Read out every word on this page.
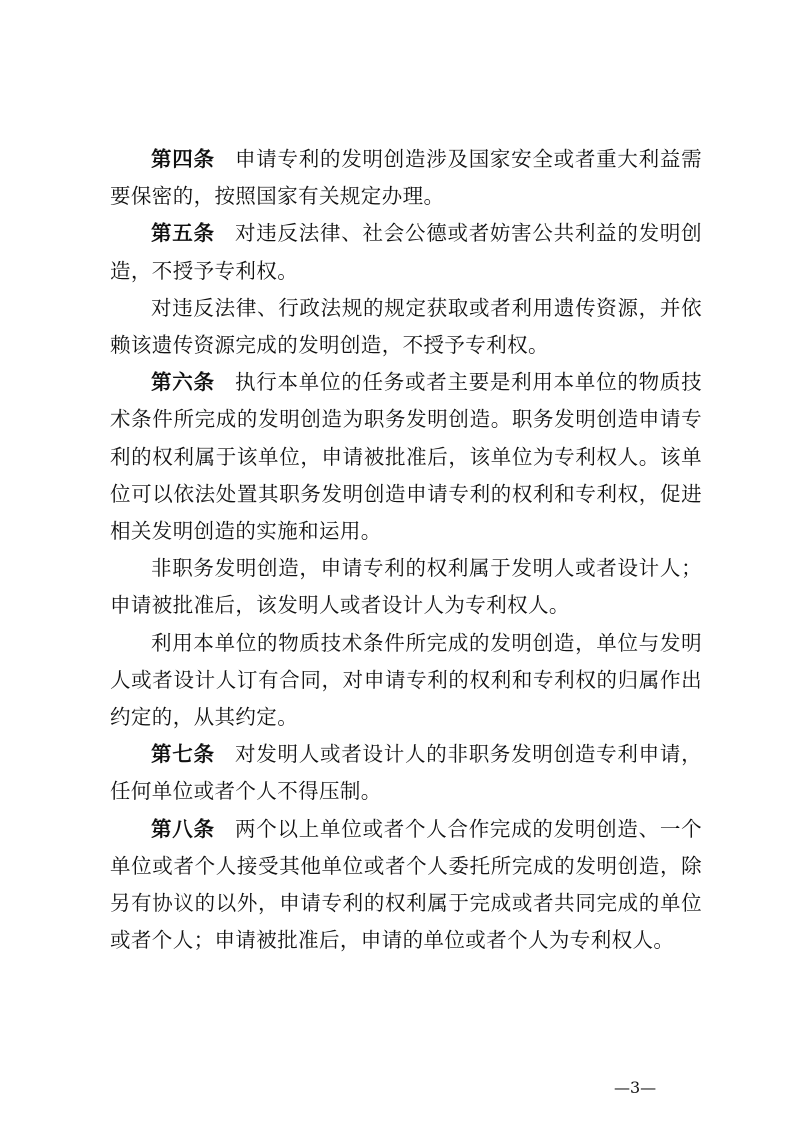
第四条 申请专利的发明创造涉及国家安全或者重大利益需要保密的，按照国家有关规定办理。

第五条 对违反法律、社会公德或者妨害公共利益的发明创造，不授予专利权。

对违反法律、行政法规的规定获取或者利用遗传资源，并依赖该遗传资源完成的发明创造，不授予专利权。

第六条 执行本单位的任务或者主要是利用本单位的物质技术条件所完成的发明创造为职务发明创造。职务发明创造申请专利的权利属于该单位，申请被批准后，该单位为专利权人。该单位可以依法处置其职务发明创造申请专利的权利和专利权，促进相关发明创造的实施和运用。

非职务发明创造，申请专利的权利属于发明人或者设计人；申请被批准后，该发明人或者设计人为专利权人。

利用本单位的物质技术条件所完成的发明创造，单位与发明人或者设计人订有合同，对申请专利的权利和专利权的归属作出约定的，从其约定。

第七条 对发明人或者设计人的非职务发明创造专利申请，任何单位或者个人不得压制。

第八条 两个以上单位或者个人合作完成的发明创造、一个单位或者个人接受其他单位或者个人委托所完成的发明创造，除另有协议的以外，申请专利的权利属于完成或者共同完成的单位或者个人；申请被批准后，申请的单位或者个人为专利权人。

—3—
